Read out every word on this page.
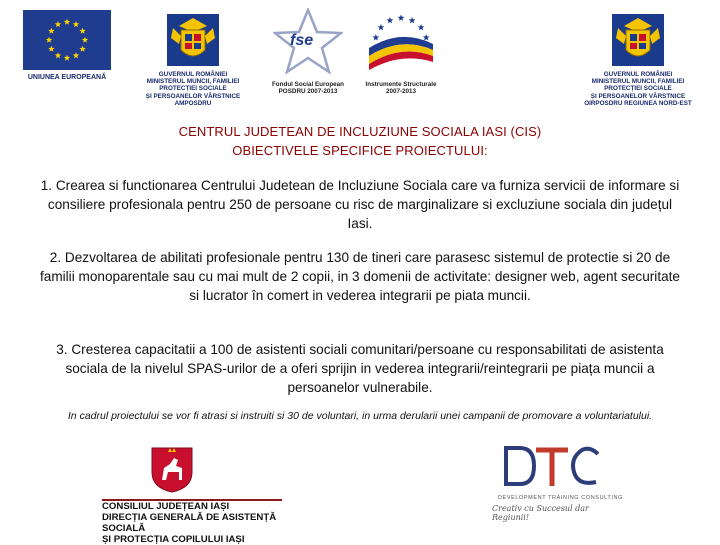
UNIUNEA EUROPEANĂ	GUVERNUL ROMÂNIEI
MINISTERUL MUNCII, FAMILIEI
PROTECȚIEI SOCIALE
ȘI PERSOANELOR VÂRSTNICE
AMPOSDRU
fse
Fondul Social European
POSDRU 2007-2013
Instrumente Structurale
2007-2013
GUVERNUL ROMÂNIEI
MINISTERUL MUNCII, FAMILIEI
PROTECȚIEI SOCIALE
ȘI PERSOANELOR VÂRSTNICE
OIRPOSDRU REGIUNEA NORD-EST
CENTRUL JUDETEAN DE INCLUZIUNE SOCIALA IASI (CIS)
OBIECTIVELE SPECIFICE PROIECTULUI:
1. Crearea si functionarea Centrului Judetean de Incluziune Sociala care va furniza servicii de informare si consiliere profesionala pentru 250 de persoane cu risc de marginalizare si excluziune sociala din județul Iasi.
2. Dezvoltarea de abilitati profesionale pentru 130 de tineri care parasesc sistemul de protectie si 20 de familii monoparentale sau cu mai mult de 2 copii, in 3 domenii de activitate: designer web, agent securitate si lucrator în comert in vederea integrarii pe piata muncii.
3. Cresterea capacitatii a 100 de asistenti sociali comunitari/persoane cu responsabilitati de asistenta sociala de la nivelul SPAS-urilor de a oferi sprijin in vederea integrarii/reintegrarii pe piața muncii a persoanelor vulnerabile.
In cadrul proiectului se vor fi atrasi si instruiti si 30 de voluntari, in urma derularii unei campanii de promovare a voluntariatului.
CONSILIUL JUDEȚEAN IAȘI
DIRECȚIA GENERALĂ DE ASISTENȚĂ SOCIALĂ
ȘI PROTECȚIA COPILULUI IAȘI
DEVELOPMENT TRAINING CONSULTING
Creativ cu Succesul dar Regiunii!
